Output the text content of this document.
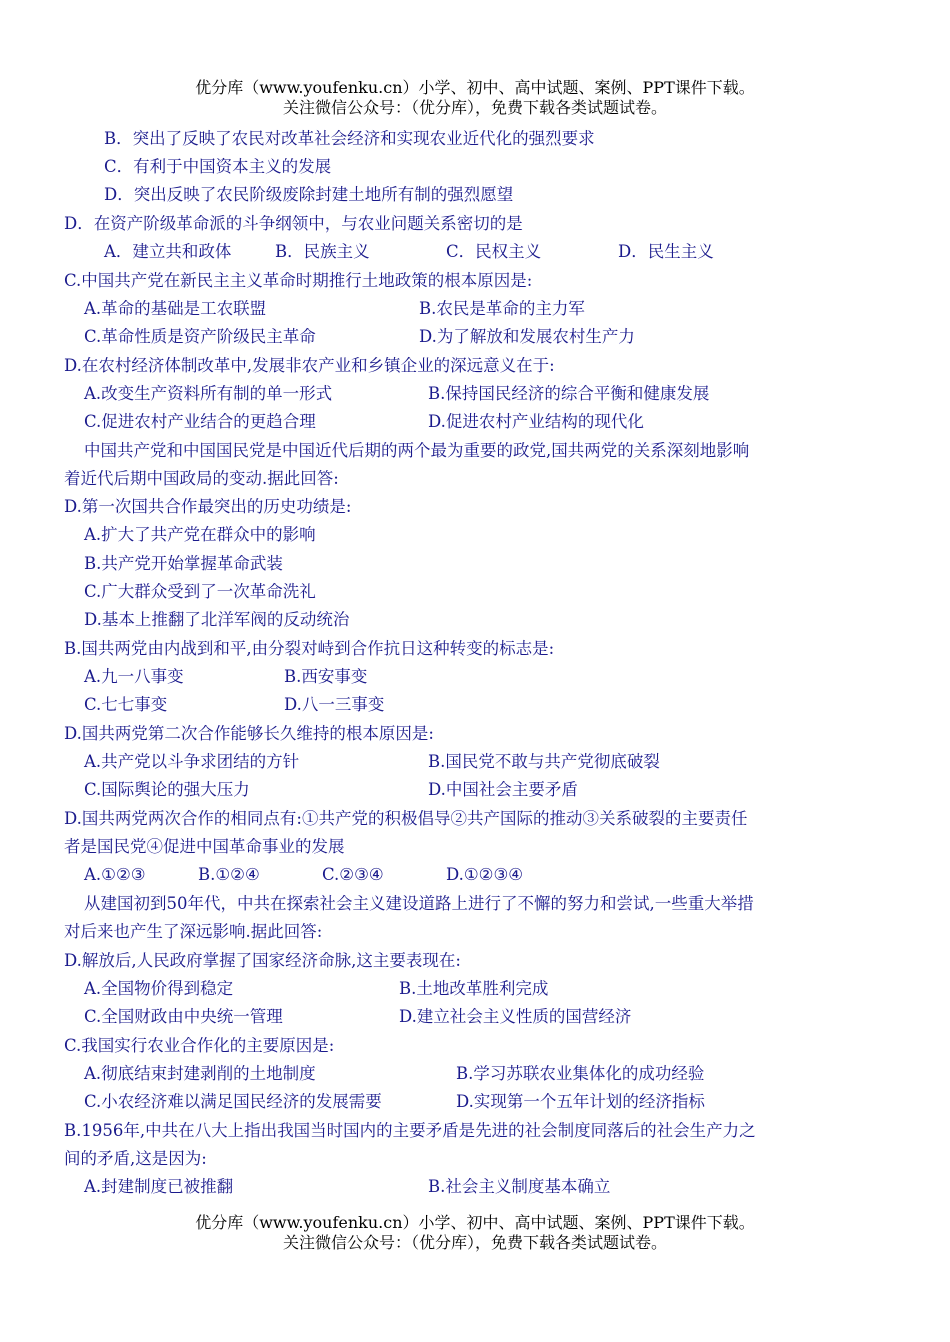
优分库（www.youfenku.cn）小学、初中、高中试题、案例、PPT课件下载。
关注微信公众号：（优分库），免费下载各类试题试卷。
B．突出了反映了农民对改革社会经济和实现农业近代化的强烈要求
C．有利于中国资本主义的发展
D．突出反映了农民阶级废除封建土地所有制的强烈愿望
D．在资产阶级革命派的斗争纲领中，与农业问题关系密切的是
A．建立共和政体	B．民族主义	C．民权主义	D．民生主义
C.中国共产党在新民主主义革命时期推行土地政策的根本原因是:
A.革命的基础是工农联盟	B.农民是革命的主力军
C.革命性质是资产阶级民主革命	D.为了解放和发展农村生产力
D.在农村经济体制改革中,发展非农产业和乡镇企业的深远意义在于:
A.改变生产资料所有制的单一形式	B.保持国民经济的综合平衡和健康发展
C.促进农村产业结合的更趋合理	D.促进农村产业结构的现代化
中国共产党和中国国民党是中国近代后期的两个最为重要的政党,国共两党的关系深刻地影响
着近代后期中国政局的变动.据此回答:
D.第一次国共合作最突出的历史功绩是:
A.扩大了共产党在群众中的影响
B.共产党开始掌握革命武装
C.广大群众受到了一次革命洗礼
D.基本上推翻了北洋军阀的反动统治
B.国共两党由内战到和平,由分裂对峙到合作抗日这种转变的标志是:
A.九一八事变	B.西安事变
C.七七事变	D.八一三事变
D.国共两党第二次合作能够长久维持的根本原因是:
A.共产党以斗争求团结的方针	B.国民党不敢与共产党彻底破裂
C.国际舆论的强大压力	D.中国社会主要矛盾
D.国共两党两次合作的相同点有:①共产党的积极倡导②共产国际的推动③关系破裂的主要责任
者是国民党④促进中国革命事业的发展
A.①②③	B.①②④	C.②③④	D.①②③④
从建国初到50年代，中共在探索社会主义建设道路上进行了不懈的努力和尝试,一些重大举措
对后来也产生了深远影响.据此回答:
D.解放后,人民政府掌握了国家经济命脉,这主要表现在:
A.全国物价得到稳定	B.土地改革胜利完成
C.全国财政由中央统一管理	D.建立社会主义性质的国营经济
C.我国实行农业合作化的主要原因是:
A.彻底结束封建剥削的土地制度	B.学习苏联农业集体化的成功经验
C.小农经济难以满足国民经济的发展需要	D.实现第一个五年计划的经济指标
B.1956年,中共在八大上指出我国当时国内的主要矛盾是先进的社会制度同落后的社会生产力之
间的矛盾,这是因为:
A.封建制度已被推翻	B.社会主义制度基本确立
优分库（www.youfenku.cn）小学、初中、高中试题、案例、PPT课件下载。
关注微信公众号：（优分库），免费下载各类试题试卷。
